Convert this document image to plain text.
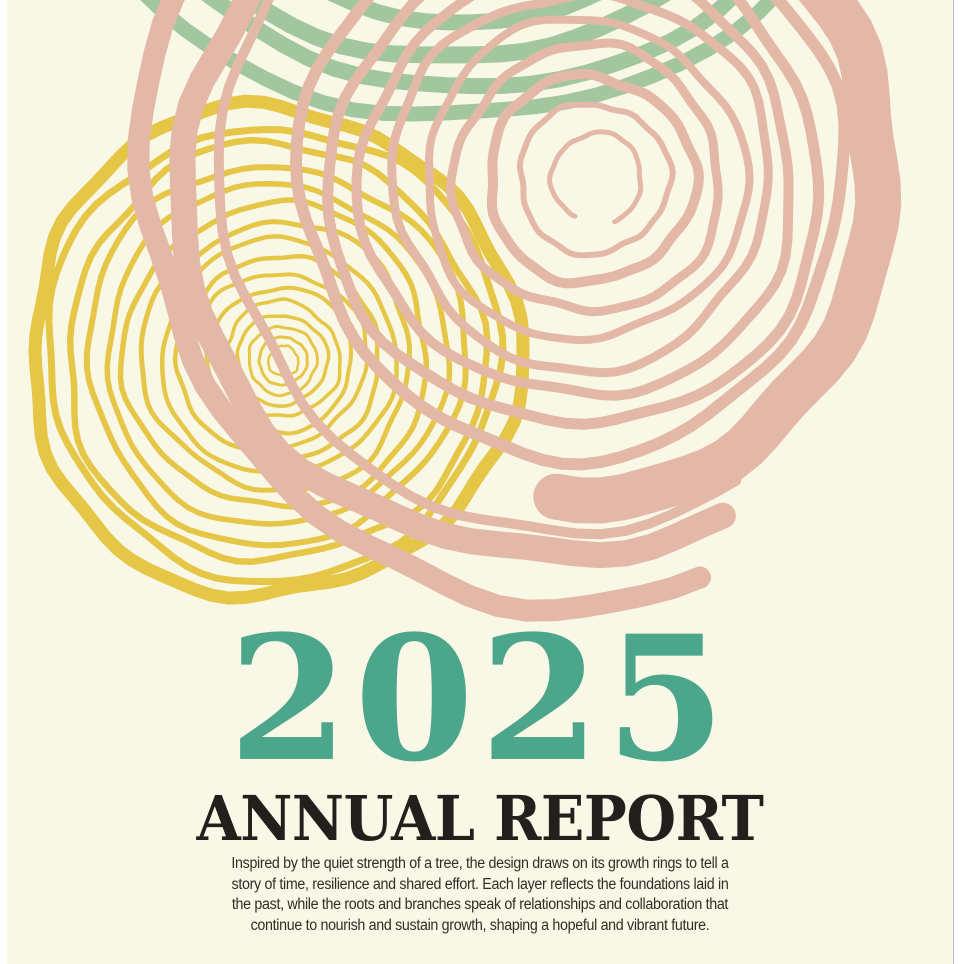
2025
ANNUAL REPORT
Inspired by the quiet strength of a tree, the design draws on its growth rings to tell a
story of time, resilience and shared effort. Each layer reflects the foundations laid in
the past, while the roots and branches speak of relationships and collaboration that
continue to nourish and sustain growth, shaping a hopeful and vibrant future.
